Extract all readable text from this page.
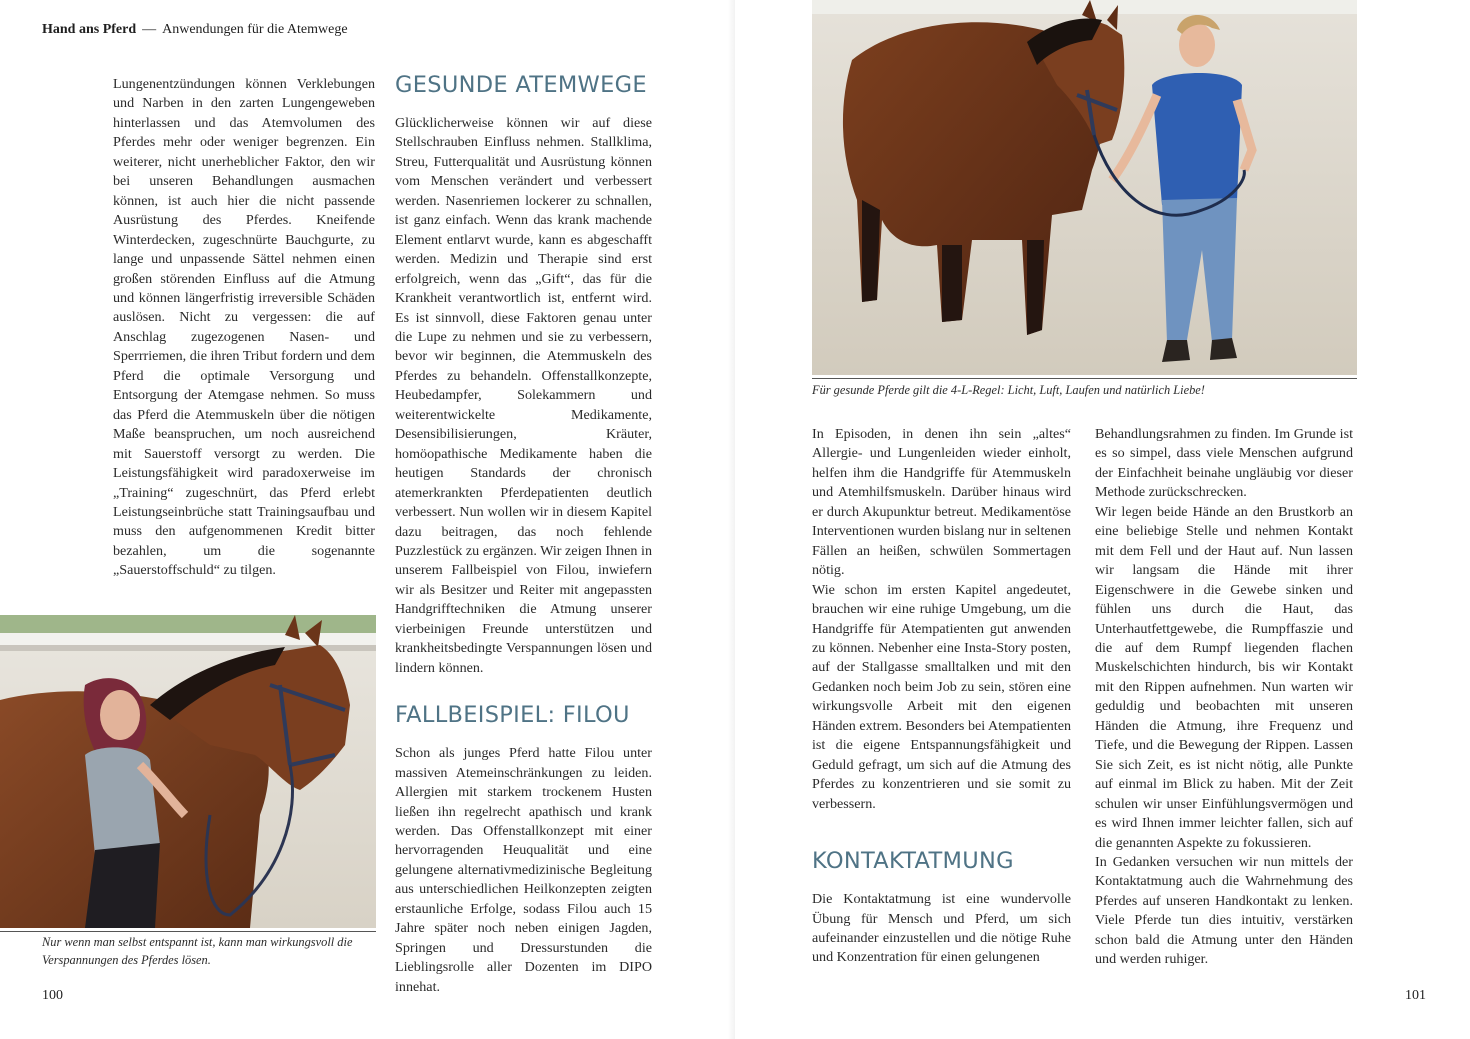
Hand ans Pferd — Anwendungen für die Atemwege

Lungenentzündungen können Verklebungen und Narben in den zarten Lungengeweben hinterlassen und das Atemvolumen des Pferdes mehr oder weniger begrenzen. Ein weiterer, nicht unerheblicher Faktor, den wir bei unseren Behandlungen ausmachen können, ist auch hier die nicht passende Ausrüstung des Pferdes. Kneifende Winterdecken, zugeschnürte Bauchgurte, zu lange und unpassende Sättel nehmen einen großen störenden Einfluss auf die Atmung und können längerfristig irreversible Schäden auslösen. Nicht zu vergessen: die auf Anschlag zugezogenen Nasen- und Sperrriemen, die ihren Tribut fordern und dem Pferd die optimale Versorgung und Entsorgung der Atemgase nehmen. So muss das Pferd die Atemmuskeln über die nötigen Maße beanspruchen, um noch ausreichend mit Sauerstoff versorgt zu werden. Die Leistungsfähigkeit wird paradoxerweise im „Training“ zugeschnürt, das Pferd erlebt Leistungseinbrüche statt Trainingsaufbau und muss den aufgenommenen Kredit bitter bezahlen, um die sogenannte „Sauerstoffschuld“ zu tilgen.

GESUNDE ATEMWEGE

Glücklicherweise können wir auf diese Stellschrauben Einfluss nehmen. Stallklima, Streu, Futterqualität und Ausrüstung können vom Menschen verändert und verbessert werden. Nasenriemen lockerer zu schnallen, ist ganz einfach. Wenn das krank machende Element entlarvt wurde, kann es abgeschafft werden. Medizin und Therapie sind erst erfolgreich, wenn das „Gift“, das für die Krankheit verantwortlich ist, entfernt wird. Es ist sinnvoll, diese Faktoren genau unter die Lupe zu nehmen und sie zu verbessern, bevor wir beginnen, die Atemmuskeln des Pferdes zu behandeln. Offenstallkonzepte, Heubedampfer, Solekammern und weiterentwickelte Medikamente, Desensibilisierungen, Kräuter, homöopathische Medikamente haben die heutigen Standards der chronisch atemerkrankten Pferdepatienten deutlich verbessert. Nun wollen wir in diesem Kapitel dazu beitragen, das noch fehlende Puzzlestück zu ergänzen. Wir zeigen Ihnen in unserem Fallbeispiel von Filou, inwiefern wir als Besitzer und Reiter mit angepassten Handgrifftechniken die Atmung unserer vierbeinigen Freunde unterstützen und krankheitsbedingte Verspannungen lösen und lindern können.

FALLBEISPIEL: FILOU

Schon als junges Pferd hatte Filou unter massiven Atemeinschränkungen zu leiden. Allergien mit starkem trockenem Husten ließen ihn regelrecht apathisch und krank werden. Das Offenstallkonzept mit einer hervorragenden Heuqualität und eine gelungene alternativmedizinische Begleitung aus unterschiedlichen Heilkonzepten zeigten erstaunliche Erfolge, sodass Filou auch 15 Jahre später noch neben einigen Jagden, Springen und Dressurstunden die Lieblingsrolle aller Dozenten im DIPO innehat.

Nur wenn man selbst entspannt ist, kann man wirkungsvoll die Verspannungen des Pferdes lösen.
100
Für gesunde Pferde gilt die 4-L-Regel: Licht, Luft, Laufen und natürlich Liebe!

In Episoden, in denen ihn sein „altes“ Allergie- und Lungenleiden wieder einholt, helfen ihm die Handgriffe für Atemmuskeln und Atemhilfsmuskeln. Darüber hinaus wird er durch Akupunktur betreut. Medikamentöse Interventionen wurden bislang nur in seltenen Fällen an heißen, schwülen Sommertagen nötig.

Wie schon im ersten Kapitel angedeutet, brauchen wir eine ruhige Umgebung, um die Handgriffe für Atempatienten gut anwenden zu können. Nebenher eine Insta-Story posten, auf der Stallgasse smalltalken und mit den Gedanken noch beim Job zu sein, stören eine wirkungsvolle Arbeit mit den eigenen Händen extrem. Besonders bei Atempatienten ist die eigene Entspannungsfähigkeit und Geduld gefragt, um sich auf die Atmung des Pferdes zu konzentrieren und sie somit zu verbessern.

KONTAKTATMUNG

Die Kontaktatmung ist eine wundervolle Übung für Mensch und Pferd, um sich aufeinander einzustellen und die nötige Ruhe und Konzentration für einen gelungenen

Behandlungsrahmen zu finden. Im Grunde ist es so simpel, dass viele Menschen aufgrund der Einfachheit beinahe ungläubig vor dieser Methode zurückschrecken.

Wir legen beide Hände an den Brustkorb an eine beliebige Stelle und nehmen Kontakt mit dem Fell und der Haut auf. Nun lassen wir langsam die Hände mit ihrer Eigenschwere in die Gewebe sinken und fühlen uns durch die Haut, das Unterhautfettgewebe, die Rumpffaszie und die auf dem Rumpf liegenden flachen Muskelschichten hindurch, bis wir Kontakt mit den Rippen aufnehmen. Nun warten wir geduldig und beobachten mit unseren Händen die Atmung, ihre Frequenz und Tiefe, und die Bewegung der Rippen. Lassen Sie sich Zeit, es ist nicht nötig, alle Punkte auf einmal im Blick zu haben. Mit der Zeit schulen wir unser Einfühlungsvermögen und es wird Ihnen immer leichter fallen, sich auf die genannten Aspekte zu fokussieren.

In Gedanken versuchen wir nun mittels der Kontaktatmung auch die Wahrnehmung des Pferdes auf unseren Handkontakt zu lenken. Viele Pferde tun dies intuitiv, verstärken schon bald die Atmung unter den Händen und werden ruhiger.

101
